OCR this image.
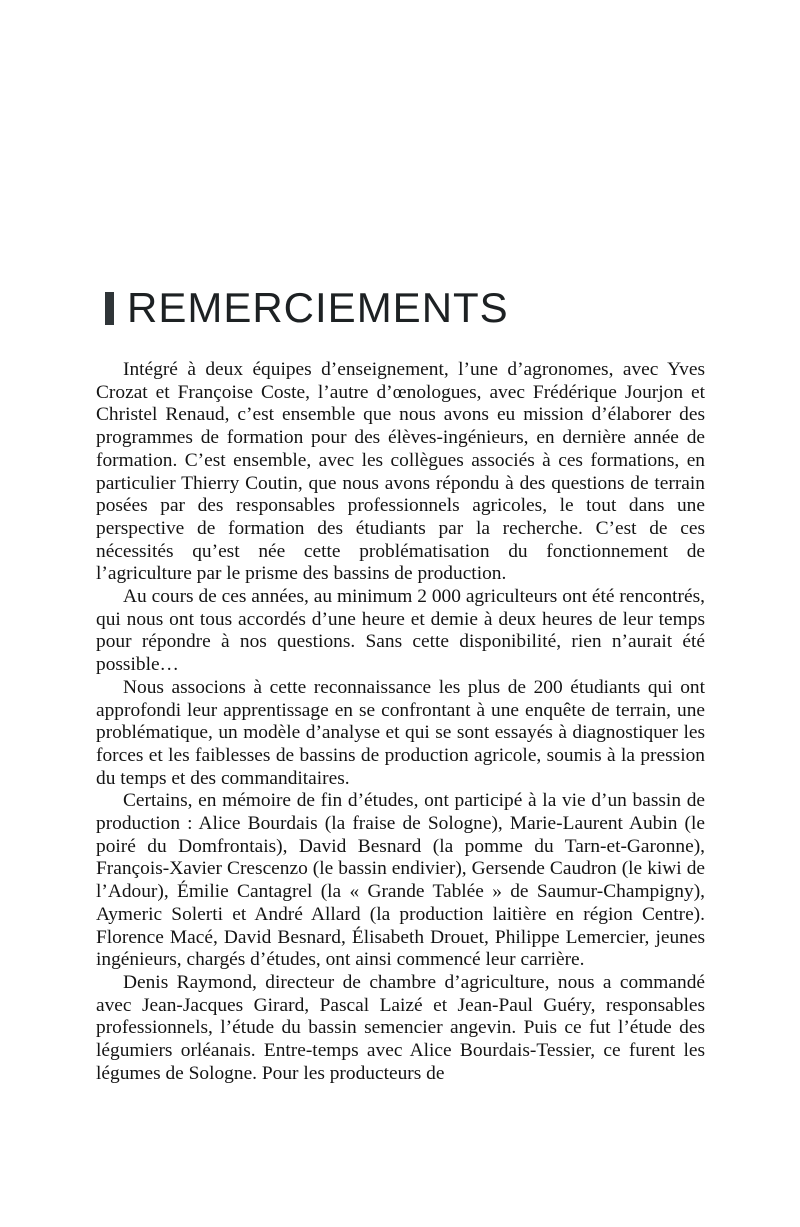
REMERCIEMENTS

Intégré à deux équipes d’enseignement, l’une d’agronomes, avec Yves Crozat et Françoise Coste, l’autre d’œnologues, avec Frédérique Jourjon et Christel Renaud, c’est ensemble que nous avons eu mission d’élaborer des programmes de formation pour des élèves-ingénieurs, en dernière année de formation. C’est ensemble, avec les collègues associés à ces formations, en particulier Thierry Coutin, que nous avons répondu à des questions de terrain posées par des responsables professionnels agricoles, le tout dans une perspective de formation des étudiants par la recherche. C’est de ces nécessités qu’est née cette problématisation du fonctionnement de l’agriculture par le prisme des bassins de production.

Au cours de ces années, au minimum 2 000 agriculteurs ont été rencontrés, qui nous ont tous accordés d’une heure et demie à deux heures de leur temps pour répondre à nos questions. Sans cette disponibilité, rien n’aurait été possible…

Nous associons à cette reconnaissance les plus de 200 étudiants qui ont approfondi leur apprentissage en se confrontant à une enquête de terrain, une problématique, un modèle d’analyse et qui se sont essayés à diagnostiquer les forces et les faiblesses de bassins de production agricole, soumis à la pression du temps et des commanditaires.

Certains, en mémoire de fin d’études, ont participé à la vie d’un bassin de production : Alice Bourdais (la fraise de Sologne), Marie-Laurent Aubin (le poiré du Domfrontais), David Besnard (la pomme du Tarn-et-Garonne), François-Xavier Crescenzo (le bassin endivier), Gersende Caudron (le kiwi de l’Adour), Émilie Cantagrel (la « Grande Tablée » de Saumur-Champigny), Aymeric Solerti et André Allard (la production laitière en région Centre). Florence Macé, David Besnard, Élisabeth Drouet, Philippe Lemercier, jeunes ingénieurs, chargés d’études, ont ainsi commencé leur carrière.

Denis Raymond, directeur de chambre d’agriculture, nous a commandé avec Jean-Jacques Girard, Pascal Laizé et Jean-Paul Guéry, responsables professionnels, l’étude du bassin semencier angevin. Puis ce fut l’étude des légumiers orléanais. Entre-temps avec Alice Bourdais-Tessier, ce furent les légumes de Sologne. Pour les producteurs de
